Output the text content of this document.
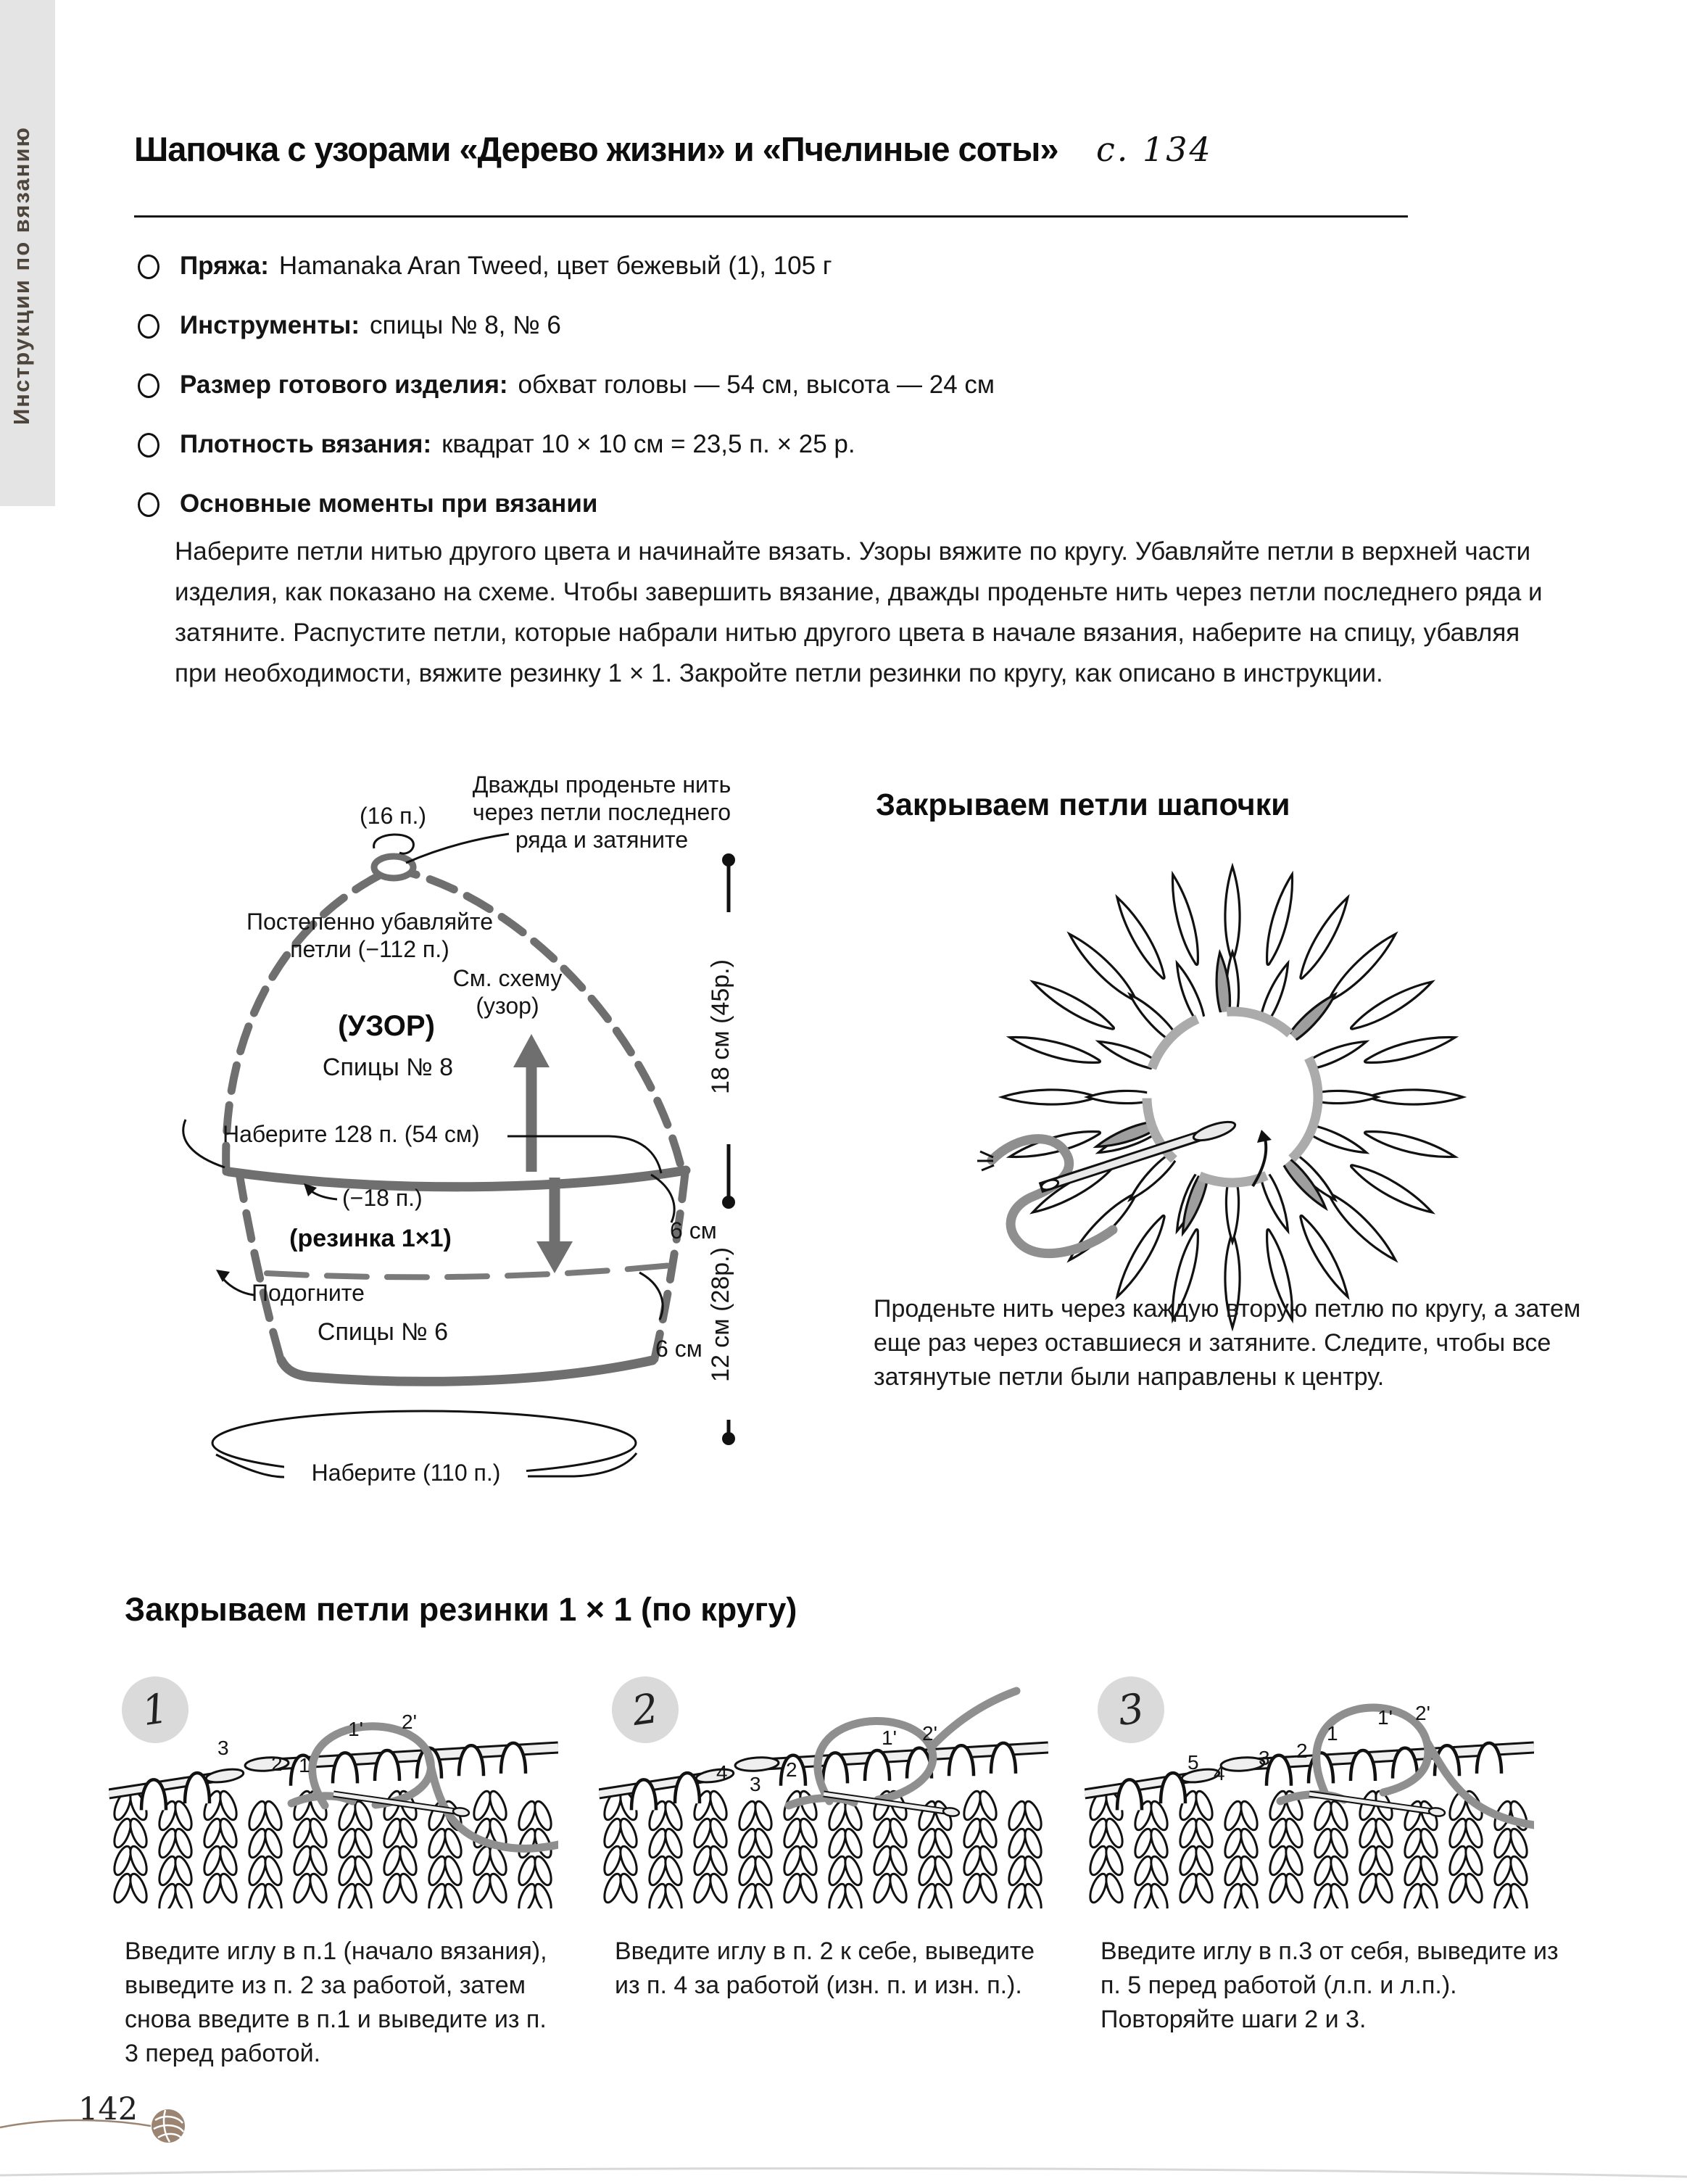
Инструкции по вязанию	Шапочка с узорами «Дерево жизни» и «Пчелиные соты» с. 134
Пряжа: Hamanaka Aran Tweed, цвет бежевый (1), 105 г
Инструменты: спицы № 8, № 6
Размер готового изделия: обхват головы — 54 см, высота — 24 см
Плотность вязания: квадрат 10 × 10 см = 23,5 п. × 25 р.
Основные моменты при вязании
Наберите петли нитью другого цвета и начинайте вязать. Узоры вяжите по кругу. Убавляйте петли в верхней части изделия, как показано на схеме. Чтобы завершить вязание, дважды проденьте нить через петли последнего ряда и затяните. Распустите петли, которые набрали нитью другого цвета в начале вязания, наберите на спицу, убавляя при необходимости, вяжите резинку 1 × 1. Закройте петли резинки по кругу, как описано в инструкции.
(16 п.)
Дважды проденьте нить
через петли последнего
ряда и затяните
Постепенно убавляйте
петли (−112 п.)
См. схему
(узор)
(УЗОР)
Спицы № 8
Наберите 128 п. (54 см)
(−18 п.)
(резинка 1×1)
Подогните
Спицы № 6
Наберите (110 п.)
6 см
6 см
18 см (45р.)
12 см (28р.)
Закрываем петли шапочки
Проденьте нить через каждую вторую петлю по кругу, а затем еще раз через оставшиеся и затяните. Следите, чтобы все затянутые петли были направлены к центру.
Закрываем петли резинки 1 × 1 (по кругу)
1	2	3
3
2 1
1' 2'
4
3
2
1' 2'
5 4
3 2
1
1' 2'
Введите иглу в п.1 (начало вязания), выведите из п. 2 за работой, затем снова введите в п.1 и выведите из п. 3 перед работой.
Введите иглу в п. 2 к себе, выведите из п. 4 за работой (изн. п. и изн. п.).
Введите иглу в п.3 от себя, выведите из п. 5 перед работой (л.п. и л.п.). Повторяйте шаги 2 и 3.
142
